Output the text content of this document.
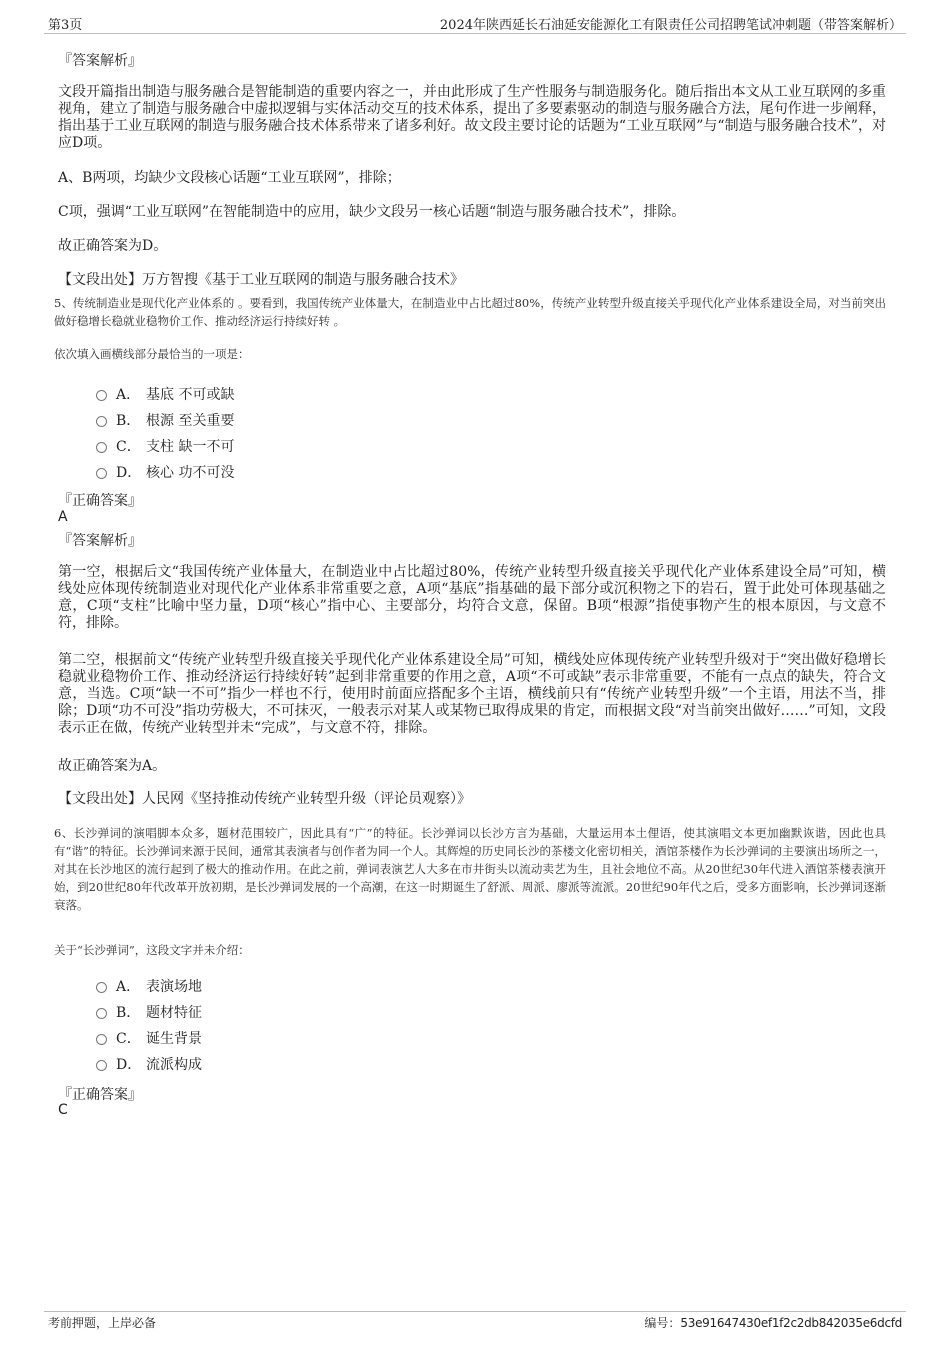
第3页	2024年陕西延长石油延安能源化工有限责任公司招聘笔试冲刺题（带答案解析）
『答案解析』
文段开篇指出制造与服务融合是智能制造的重要内容之一，并由此形成了生产性服务与制造服务化。随后指出本文从工业互联网的多重视角，建立了制造与服务融合中虚拟逻辑与实体活动交互的技术体系，提出了多要素驱动的制造与服务融合方法，尾句作进一步阐释，指出基于工业互联网的制造与服务融合技术体系带来了诸多利好。故文段主要讨论的话题为“工业互联网”与“制造与服务融合技术”，对应D项。
A、B两项，均缺少文段核心话题“工业互联网”，排除；
C项，强调“工业互联网”在智能制造中的应用，缺少文段另一核心话题“制造与服务融合技术”，排除。
故正确答案为D。
【文段出处】万方智搜《基于工业互联网的制造与服务融合技术》
5、传统制造业是现代化产业体系的 。要看到，我国传统产业体量大，在制造业中占比超过80%，传统产业转型升级直接关乎现代化产业体系建设全局，对当前突出做好稳增长稳就业稳物价工作、推动经济运行持续好转 。
依次填入画横线部分最恰当的一项是：
A． 基底 不可或缺
B． 根源 至关重要
C． 支柱 缺一不可
D． 核心 功不可没
『正确答案』
A
『答案解析』
第一空，根据后文“我国传统产业体量大，在制造业中占比超过80%，传统产业转型升级直接关乎现代化产业体系建设全局”可知，横线处应体现传统制造业对现代化产业体系非常重要之意，A项“基底”指基础的最下部分或沉积物之下的岩石，置于此处可体现基础之意，C项“支柱”比喻中坚力量，D项“核心”指中心、主要部分，均符合文意，保留。B项“根源”指使事物产生的根本原因，与文意不符，排除。
第二空，根据前文“传统产业转型升级直接关乎现代化产业体系建设全局”可知，横线处应体现传统产业转型升级对于“突出做好稳增长稳就业稳物价工作、推动经济运行持续好转”起到非常重要的作用之意，A项“不可或缺”表示非常重要，不能有一点点的缺失，符合文意，当选。C项“缺一不可”指少一样也不行，使用时前面应搭配多个主语，横线前只有“传统产业转型升级”一个主语，用法不当，排除；D项“功不可没”指功劳极大，不可抹灭，一般表示对某人或某物已取得成果的肯定，而根据文段“对当前突出做好……”可知，文段表示正在做，传统产业转型并未“完成”，与文意不符，排除。
故正确答案为A。
【文段出处】人民网《坚持推动传统产业转型升级（评论员观察）》
6、长沙弹词的演唱脚本众多，题材范围较广，因此具有“广”的特征。长沙弹词以长沙方言为基础，大量运用本土俚语，使其演唱文本更加幽默诙谐，因此也具有“谐”的特征。长沙弹词来源于民间，通常其表演者与创作者为同一个人。其辉煌的历史同长沙的茶楼文化密切相关，酒馆茶楼作为长沙弹词的主要演出场所之一，对其在长沙地区的流行起到了极大的推动作用。在此之前，弹词表演艺人大多在市井街头以流动卖艺为生，且社会地位不高。从20世纪30年代进入酒馆茶楼表演开始，到20世纪80年代改革开放初期，是长沙弹词发展的一个高潮，在这一时期诞生了舒派、周派、廖派等流派。20世纪90年代之后，受多方面影响，长沙弹词逐渐衰落。
关于“长沙弹词”，这段文字并未介绍：
A． 表演场地
B． 题材特征
C． 诞生背景
D． 流派构成
『正确答案』
C
考前押题，上岸必备	编号：53e91647430ef1f2c2db842035e6dcfd
